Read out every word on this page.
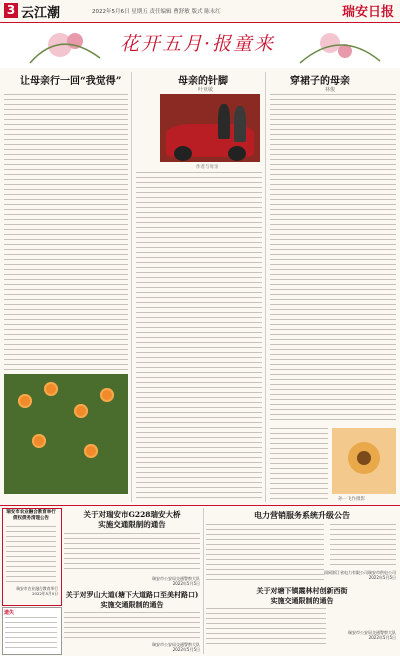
3 云江潮	2022年5月6日 星期五 责任编辑 曹舒敏 版式 陈永红	瑞安日报
花开五月·报童来
让母亲行一回“我觉得”	母亲的针脚
叶亚敏
作者与母亲
穿裙子的母亲
林俊
孙一飞作摄影
瑞安市农业融合教育举行
债权债务清理公告
瑞安市农业融合教育举行
2022年5月5日
关于对瑞安市G228瑞安大桥
实施交通限制的通告
瑞安市公安局交通警察大队
2022年5月5日
关于对罗山大道(塘下大道路口至美村路口)
实施交通限制的通告
瑞安市公安局交通警察大队
2022年5月5日
电力营销服务系统升级公告
国网浙江省电力有限公司瑞安市供电公司
2022年5月5日
关于对塘下镇霞林村创新西街
实施交通限制的通告
瑞安市公安局交通警察大队
2022年5月5日
遗失
